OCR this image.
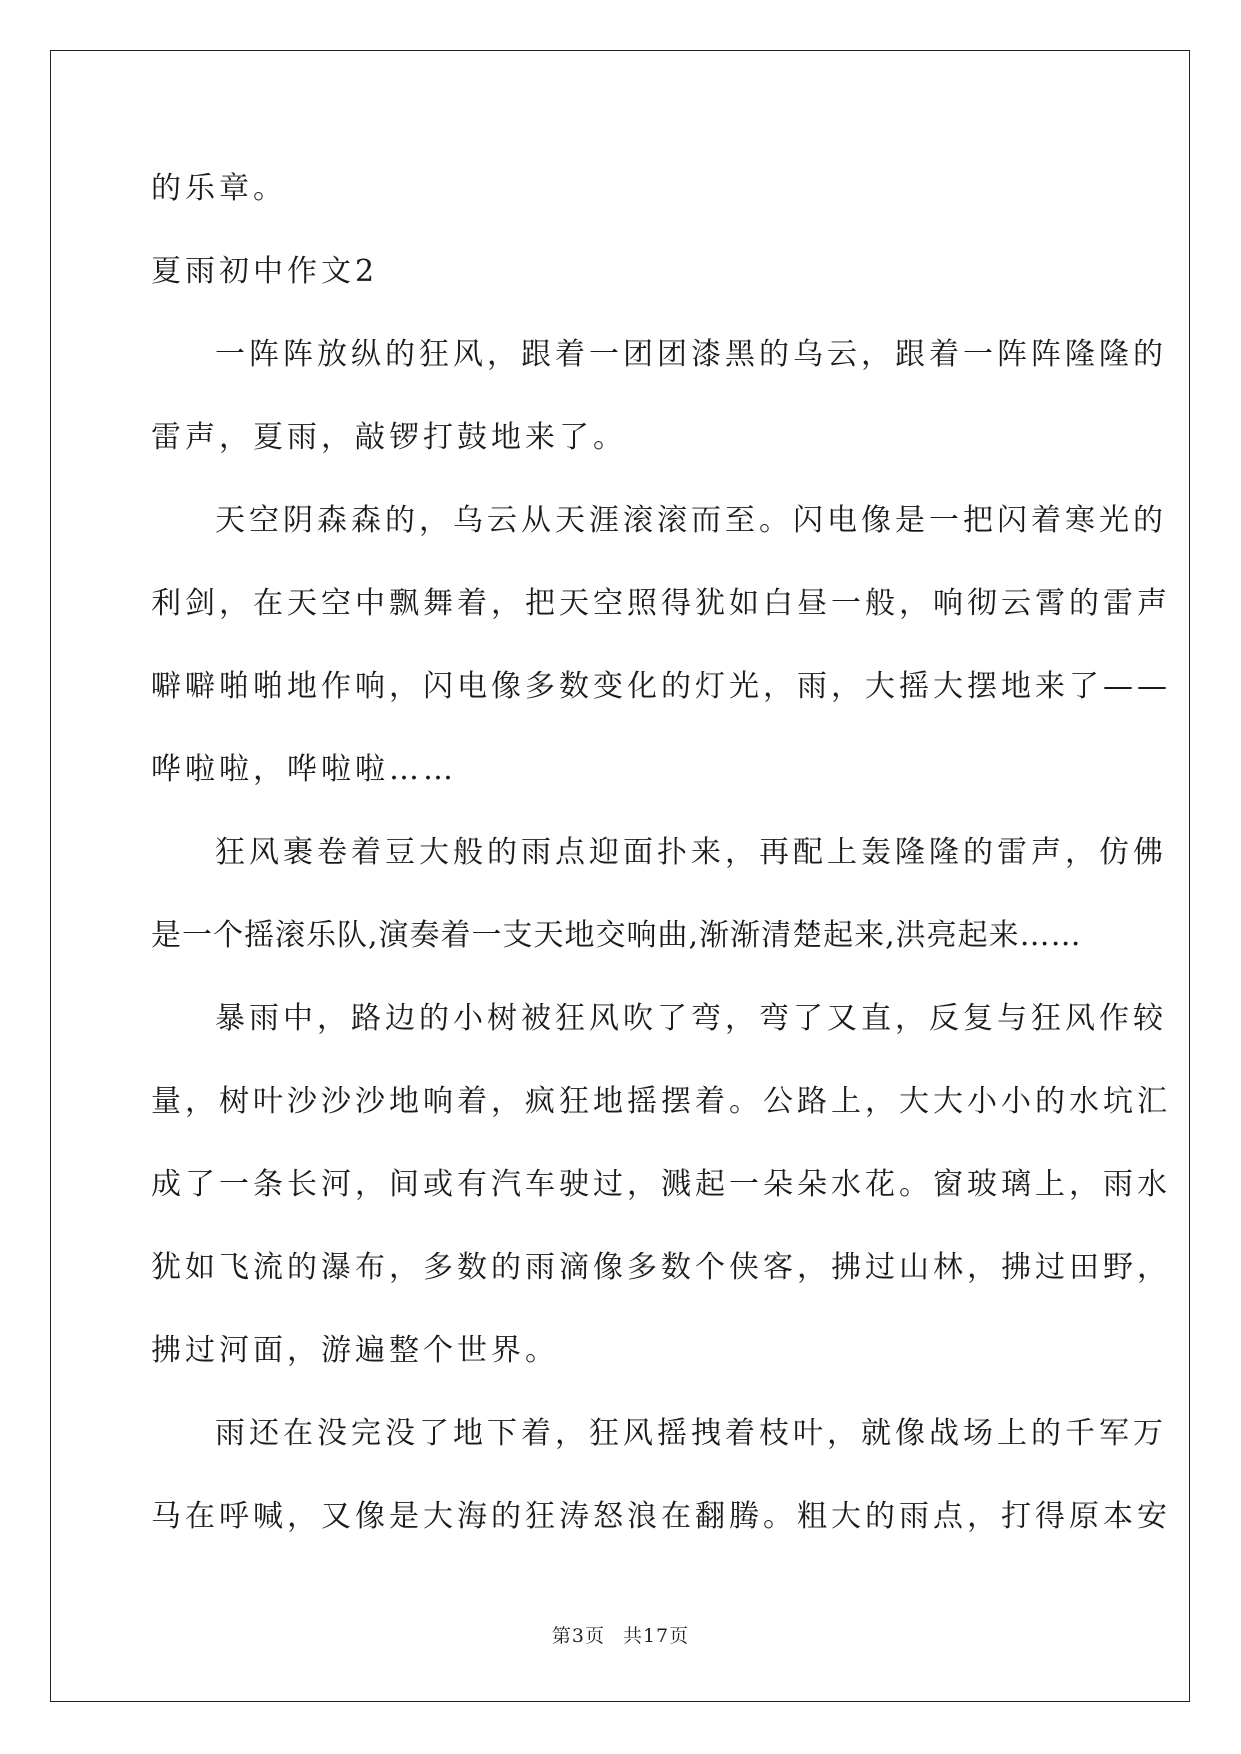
的乐章。
夏雨初中作文2
一阵阵放纵的狂风，跟着一团团漆黑的乌云，跟着一阵阵隆隆的
雷声，夏雨，敲锣打鼓地来了。
天空阴森森的，乌云从天涯滚滚而至。闪电像是一把闪着寒光的
利剑，在天空中飘舞着，把天空照得犹如白昼一般，响彻云霄的雷声
噼噼啪啪地作响，闪电像多数变化的灯光，雨，大摇大摆地来了——
哗啦啦，哗啦啦……
狂风裹卷着豆大般的雨点迎面扑来，再配上轰隆隆的雷声，仿佛
是一个摇滚乐队,演奏着一支天地交响曲,渐渐清楚起来,洪亮起来……
暴雨中，路边的小树被狂风吹了弯，弯了又直，反复与狂风作较
量，树叶沙沙沙地响着，疯狂地摇摆着。公路上，大大小小的水坑汇
成了一条长河，间或有汽车驶过，溅起一朵朵水花。窗玻璃上，雨水
犹如飞流的瀑布，多数的雨滴像多数个侠客，拂过山林，拂过田野，
拂过河面，游遍整个世界。
雨还在没完没了地下着，狂风摇拽着枝叶，就像战场上的千军万
马在呼喊，又像是大海的狂涛怒浪在翻腾。粗大的雨点，打得原本安
第3页 共17页
